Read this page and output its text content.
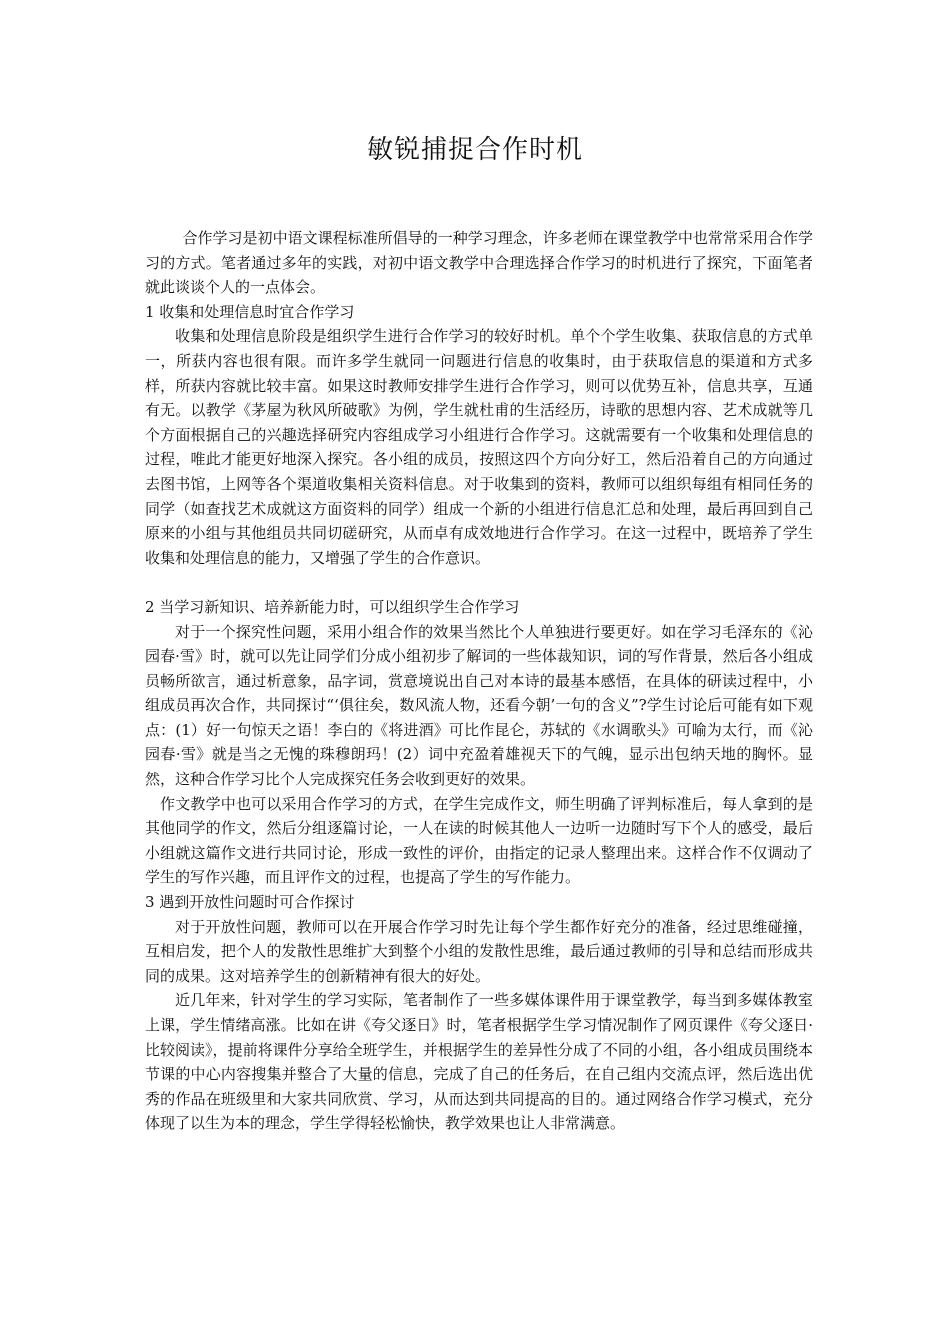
敏锐捕捉合作时机

合作学习是初中语文课程标准所倡导的一种学习理念，许多老师在课堂教学中也常常采用合作学习的方式。笔者通过多年的实践，对初中语文教学中合理选择合作学习的时机进行了探究，下面笔者就此谈谈个人的一点体会。

1 收集和处理信息时宜合作学习

收集和处理信息阶段是组织学生进行合作学习的较好时机。单个个学生收集、获取信息的方式单一，所获内容也很有限。而许多学生就同一问题进行信息的收集时，由于获取信息的渠道和方式多样，所获内容就比较丰富。如果这时教师安排学生进行合作学习，则可以优势互补，信息共享，互通有无。以教学《茅屋为秋风所破歌》为例，学生就杜甫的生活经历，诗歌的思想内容、艺术成就等几个方面根据自己的兴趣选择研究内容组成学习小组进行合作学习。这就需要有一个收集和处理信息的过程，唯此才能更好地深入探究。各小组的成员，按照这四个方向分好工，然后沿着自己的方向通过去图书馆，上网等各个渠道收集相关资料信息。对于收集到的资料，教师可以组织每组有相同任务的同学（如查找艺术成就这方面资料的同学）组成一个新的小组进行信息汇总和处理，最后再回到自己原来的小组与其他组员共同切磋研究，从而卓有成效地进行合作学习。在这一过程中，既培养了学生收集和处理信息的能力，又增强了学生的合作意识。

2 当学习新知识、培养新能力时，可以组织学生合作学习

对于一个探究性问题，采用小组合作的效果当然比个人单独进行要更好。如在学习毛泽东的《沁园春·雪》时，就可以先让同学们分成小组初步了解词的一些体裁知识，词的写作背景，然后各小组成员畅所欲言，通过析意象，品字词，赏意境说出自己对本诗的最基本感悟，在具体的研读过程中，小组成员再次合作，共同探讨“‘俱往矣，数风流人物，还看今朝’一句的含义”?学生讨论后可能有如下观点：(1）好一句惊天之语！李白的《将进酒》可比作昆仑，苏轼的《水调歌头》可喻为太行，而《沁园春·雪》就是当之无愧的珠穆朗玛！(2）词中充盈着雄视天下的气魄，显示出包纳天地的胸怀。显然，这种合作学习比个人完成探究任务会收到更好的效果。

作文教学中也可以采用合作学习的方式，在学生完成作文，师生明确了评判标准后，每人拿到的是其他同学的作文，然后分组逐篇讨论，一人在读的时候其他人一边听一边随时写下个人的感受，最后小组就这篇作文进行共同讨论，形成一致性的评价，由指定的记录人整理出来。这样合作不仅调动了学生的写作兴趣，而且评作文的过程，也提高了学生的写作能力。

3 遇到开放性问题时可合作探讨

对于开放性问题，教师可以在开展合作学习时先让每个学生都作好充分的准备，经过思维碰撞，互相启发，把个人的发散性思维扩大到整个小组的发散性思维，最后通过教师的引导和总结而形成共同的成果。这对培养学生的创新精神有很大的好处。

近几年来，针对学生的学习实际，笔者制作了一些多媒体课件用于课堂教学，每当到多媒体教室上课，学生情绪高涨。比如在讲《夸父逐日》时，笔者根据学生学习情况制作了网页课件《夸父逐日·比较阅读》，提前将课件分享给全班学生，并根据学生的差异性分成了不同的小组，各小组成员围绕本节课的中心内容搜集并整合了大量的信息，完成了自己的任务后，在自己组内交流点评，然后选出优秀的作品在班级里和大家共同欣赏、学习，从而达到共同提高的目的。通过网络合作学习模式，充分体现了以生为本的理念，学生学得轻松愉快，教学效果也让人非常满意。
